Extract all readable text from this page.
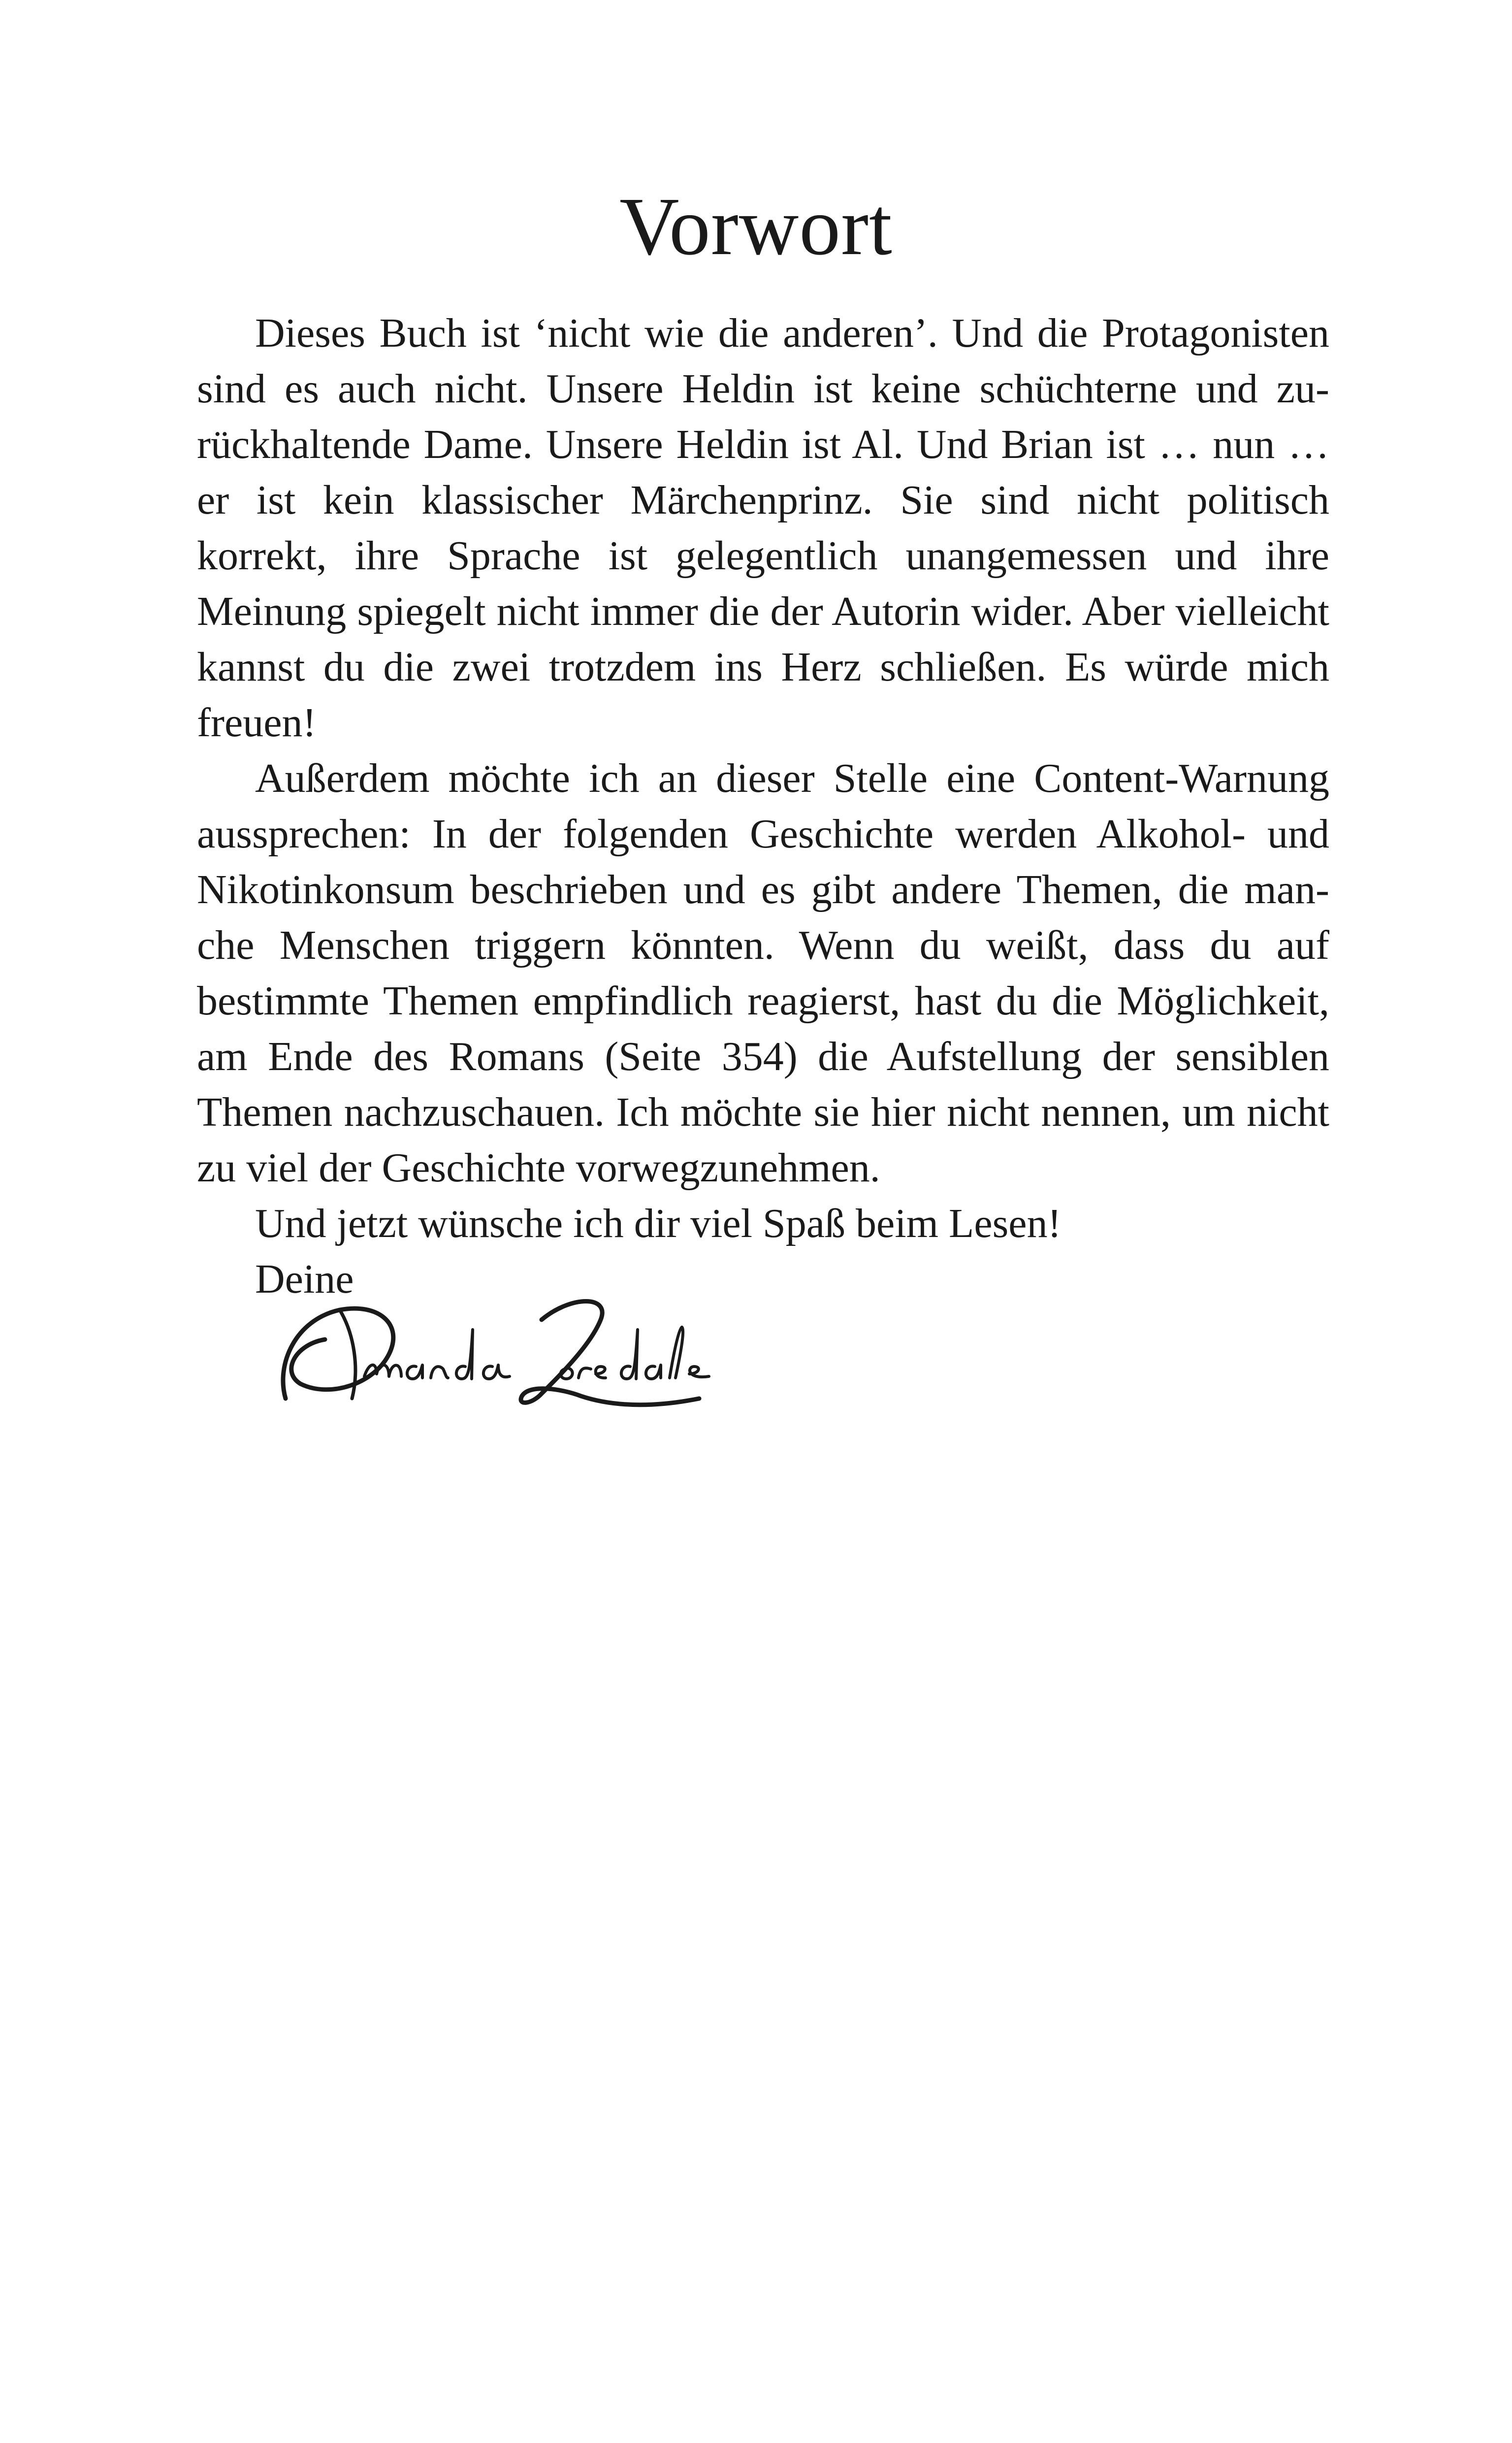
Vorwort

Dieses Buch ist ‘nicht wie die anderen’. Und die Protagonisten sind es auch nicht. Unsere Heldin ist keine schüchterne und zurückhaltende Dame. Unsere Heldin ist Al. Und Brian ist … nun … er ist kein klassischer Märchenprinz. Sie sind nicht politisch korrekt, ihre Sprache ist gelegentlich unangemessen und ihre Meinung spiegelt nicht immer die der Autorin wider. Aber vielleicht kannst du die zwei trotzdem ins Herz schließen. Es würde mich freuen!

Außerdem möchte ich an dieser Stelle eine Content-Warnung aussprechen: In der folgenden Geschichte werden Alkohol- und Nikotinkonsum beschrieben und es gibt andere Themen, die manche Menschen triggern könnten. Wenn du weißt, dass du auf bestimmte Themen empfindlich reagierst, hast du die Möglichkeit, am Ende des Romans (Seite 354) die Aufstellung der sensiblen Themen nachzuschauen. Ich möchte sie hier nicht nennen, um nicht zu viel der Geschichte vorwegzunehmen.

Und jetzt wünsche ich dir viel Spaß beim Lesen!

Deine
